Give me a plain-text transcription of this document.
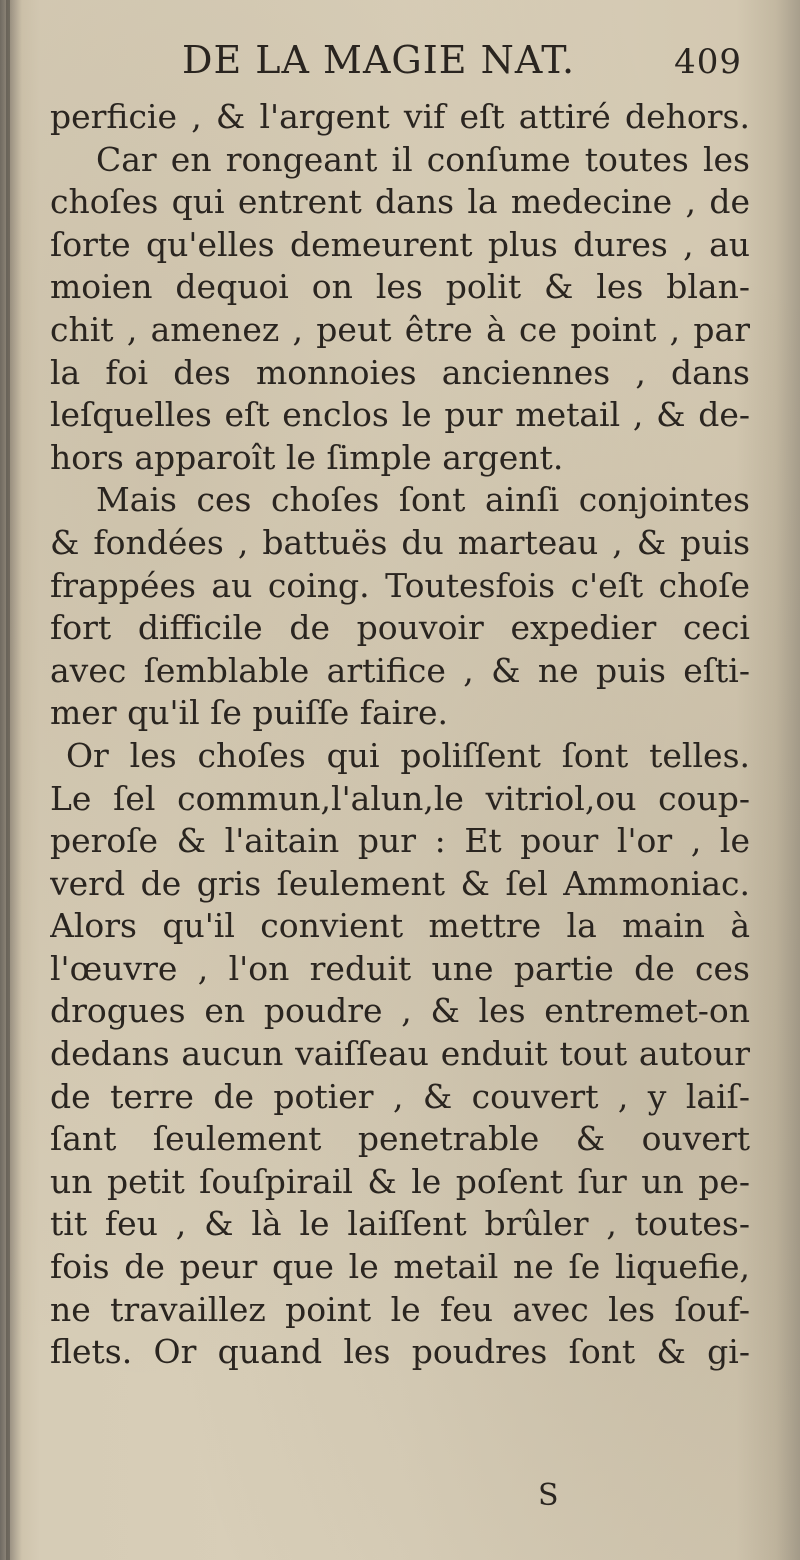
DE LA MAGIE NAT.	409
perficie , & l'argent vif eſt attiré dehors.
Car en rongeant il conſume toutes les
choſes qui entrent dans la medecine , de
ſorte qu'elles demeurent plus dures , au
moien dequoi on les polit & les blan-
chit , amenez , peut être à ce point , par
la foi des monnoies anciennes , dans
leſquelles eſt enclos le pur metail , & de-
hors apparoît le ſimple argent.
Mais ces choſes ſont ainſi conjointes
& fondées , battuës du marteau , & puis
frappées au coing. Toutesfois c'eſt choſe
fort difficile de pouvoir expedier ceci
avec ſemblable artifice , & ne puis eſti-
mer qu'il ſe puiſſe faire.
Or les choſes qui poliſſent ſont telles.
Le ſel commun,l'alun,le vitriol,ou coup-
peroſe & l'aitain pur : Et pour l'or , le
verd de gris ſeulement & ſel Ammoniac.
Alors qu'il convient mettre la main à
l'œuvre , l'on reduit une partie de ces
drogues en poudre , & les entremet-on
dedans aucun vaiſſeau enduit tout autour
de terre de potier , & couvert , y laiſ-
ſant ſeulement penetrable & ouvert
un petit ſouſpirail & le poſent ſur un pe-
tit feu , & là le laiſſent brûler , toutes-
fois de peur que le metail ne ſe liquefie,
ne travaillez point le feu avec les ſouf-
flets. Or quand les poudres ſont & gi-
S
